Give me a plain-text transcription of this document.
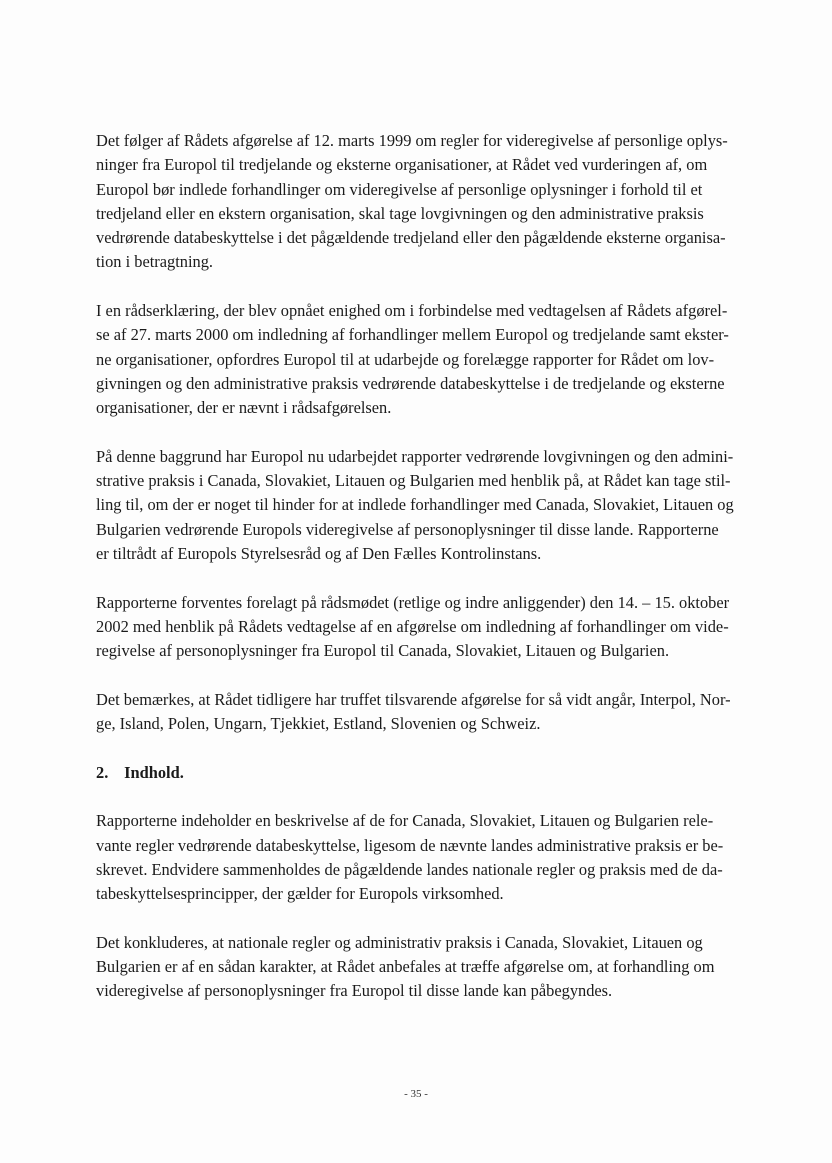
Det følger af Rådets afgørelse af 12. marts 1999 om regler for videregivelse af personlige oplys-
ninger fra Europol til tredjelande og eksterne organisationer, at Rådet ved vurderingen af, om
Europol bør indlede forhandlinger om videregivelse af personlige oplysninger i forhold til et
tredjeland eller en ekstern organisation, skal tage lovgivningen og den administrative praksis
vedrørende databeskyttelse i det pågældende tredjeland eller den pågældende eksterne organisa-
tion i betragtning.

I en rådserklæring, der blev opnået enighed om i forbindelse med vedtagelsen af Rådets afgørel-
se af 27. marts 2000 om indledning af forhandlinger mellem Europol og tredjelande samt ekster-
ne organisationer, opfordres Europol til at udarbejde og forelægge rapporter for Rådet om lov-
givningen og den administrative praksis vedrørende databeskyttelse i de tredjelande og eksterne
organisationer, der er nævnt i rådsafgørelsen.

På denne baggrund har Europol nu udarbejdet rapporter vedrørende lovgivningen og den admini-
strative praksis i Canada, Slovakiet, Litauen og Bulgarien med henblik på, at Rådet kan tage stil-
ling til, om der er noget til hinder for at indlede forhandlinger med Canada, Slovakiet, Litauen og
Bulgarien vedrørende Europols videregivelse af personoplysninger til disse lande. Rapporterne
er tiltrådt af Europols Styrelsesråd og af Den Fælles Kontrolinstans.

Rapporterne forventes forelagt på rådsmødet (retlige og indre anliggender) den 14. – 15. oktober
2002 med henblik på Rådets vedtagelse af en afgørelse om indledning af forhandlinger om vide-
regivelse af personoplysninger fra Europol til Canada, Slovakiet, Litauen og Bulgarien.

Det bemærkes, at Rådet tidligere har truffet tilsvarende afgørelse for så vidt angår, Interpol, Nor-
ge, Island, Polen, Ungarn, Tjekkiet, Estland, Slovenien og Schweiz.

2. Indhold.

Rapporterne indeholder en beskrivelse af de for Canada, Slovakiet, Litauen og Bulgarien rele-
vante regler vedrørende databeskyttelse, ligesom de nævnte landes administrative praksis er be-
skrevet. Endvidere sammenholdes de pågældende landes nationale regler og praksis med de da-
tabeskyttelsesprincipper, der gælder for Europols virksomhed.

Det konkluderes, at nationale regler og administrativ praksis i Canada, Slovakiet, Litauen og
Bulgarien er af en sådan karakter, at Rådet anbefales at træffe afgørelse om, at forhandling om
videregivelse af personoplysninger fra Europol til disse lande kan påbegyndes.

- 35 -
